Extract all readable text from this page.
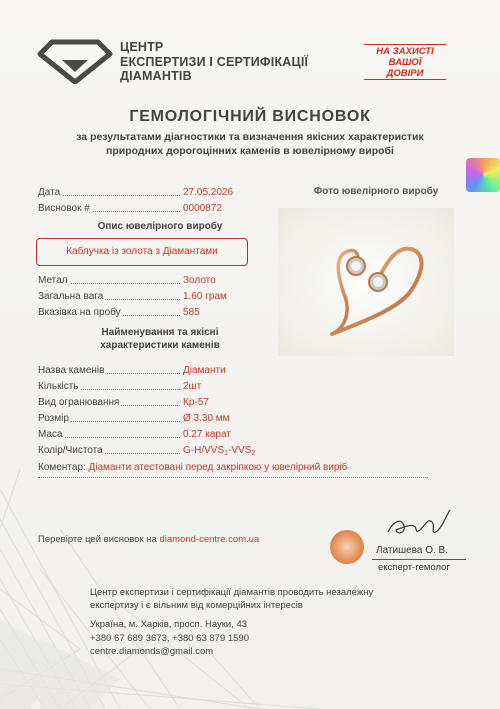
ЦЕНТР
ЕКСПЕРТИЗИ І СЕРТИФІКАЦІЇ
ДІАМАНТІВ
НА ЗАХИСТІ
ВАШОЇ
ДОВІРИ
ГЕМОЛОГІЧНИЙ ВИСНОВОК
за результатами діагностики та визначення якісних характеристик
природних дорогоцінних каменів в ювелірному виробі
Дата	27.05.2026
Висновок #	0000872
Опис ювелірного виробу
Каблучка із золота з Діамантами
Метал	Золото
Загальна вага	1.60 грам
Вказівка на пробу	585
Найменування та якісні
характеристики каменів
Назва каменів	Діаманти
Кількість	2шт
Вид огранювання	Кр-57
Розмір	Ø 3.30 мм
Маса	0.27 карат
Колір/Чистота	$G-H/VVS_1-VVS_2$
Фото ювелірного виробу
Коментар: Діаманти атестовані перед закріпкою у ювелірний виріб
Перевірте цей висновок на diamond-centre.com.ua
Латишева О. В.
експерт-гемолог
Центр експертизи і сертифікації діамантів проводить незалежну експертизу і є вільним від комерційних інтересів
Україна, м. Харків, просп. Науки, 43
+380 67 689 3673, +380 63 879 1590
centre.diamonds@gmail.com
